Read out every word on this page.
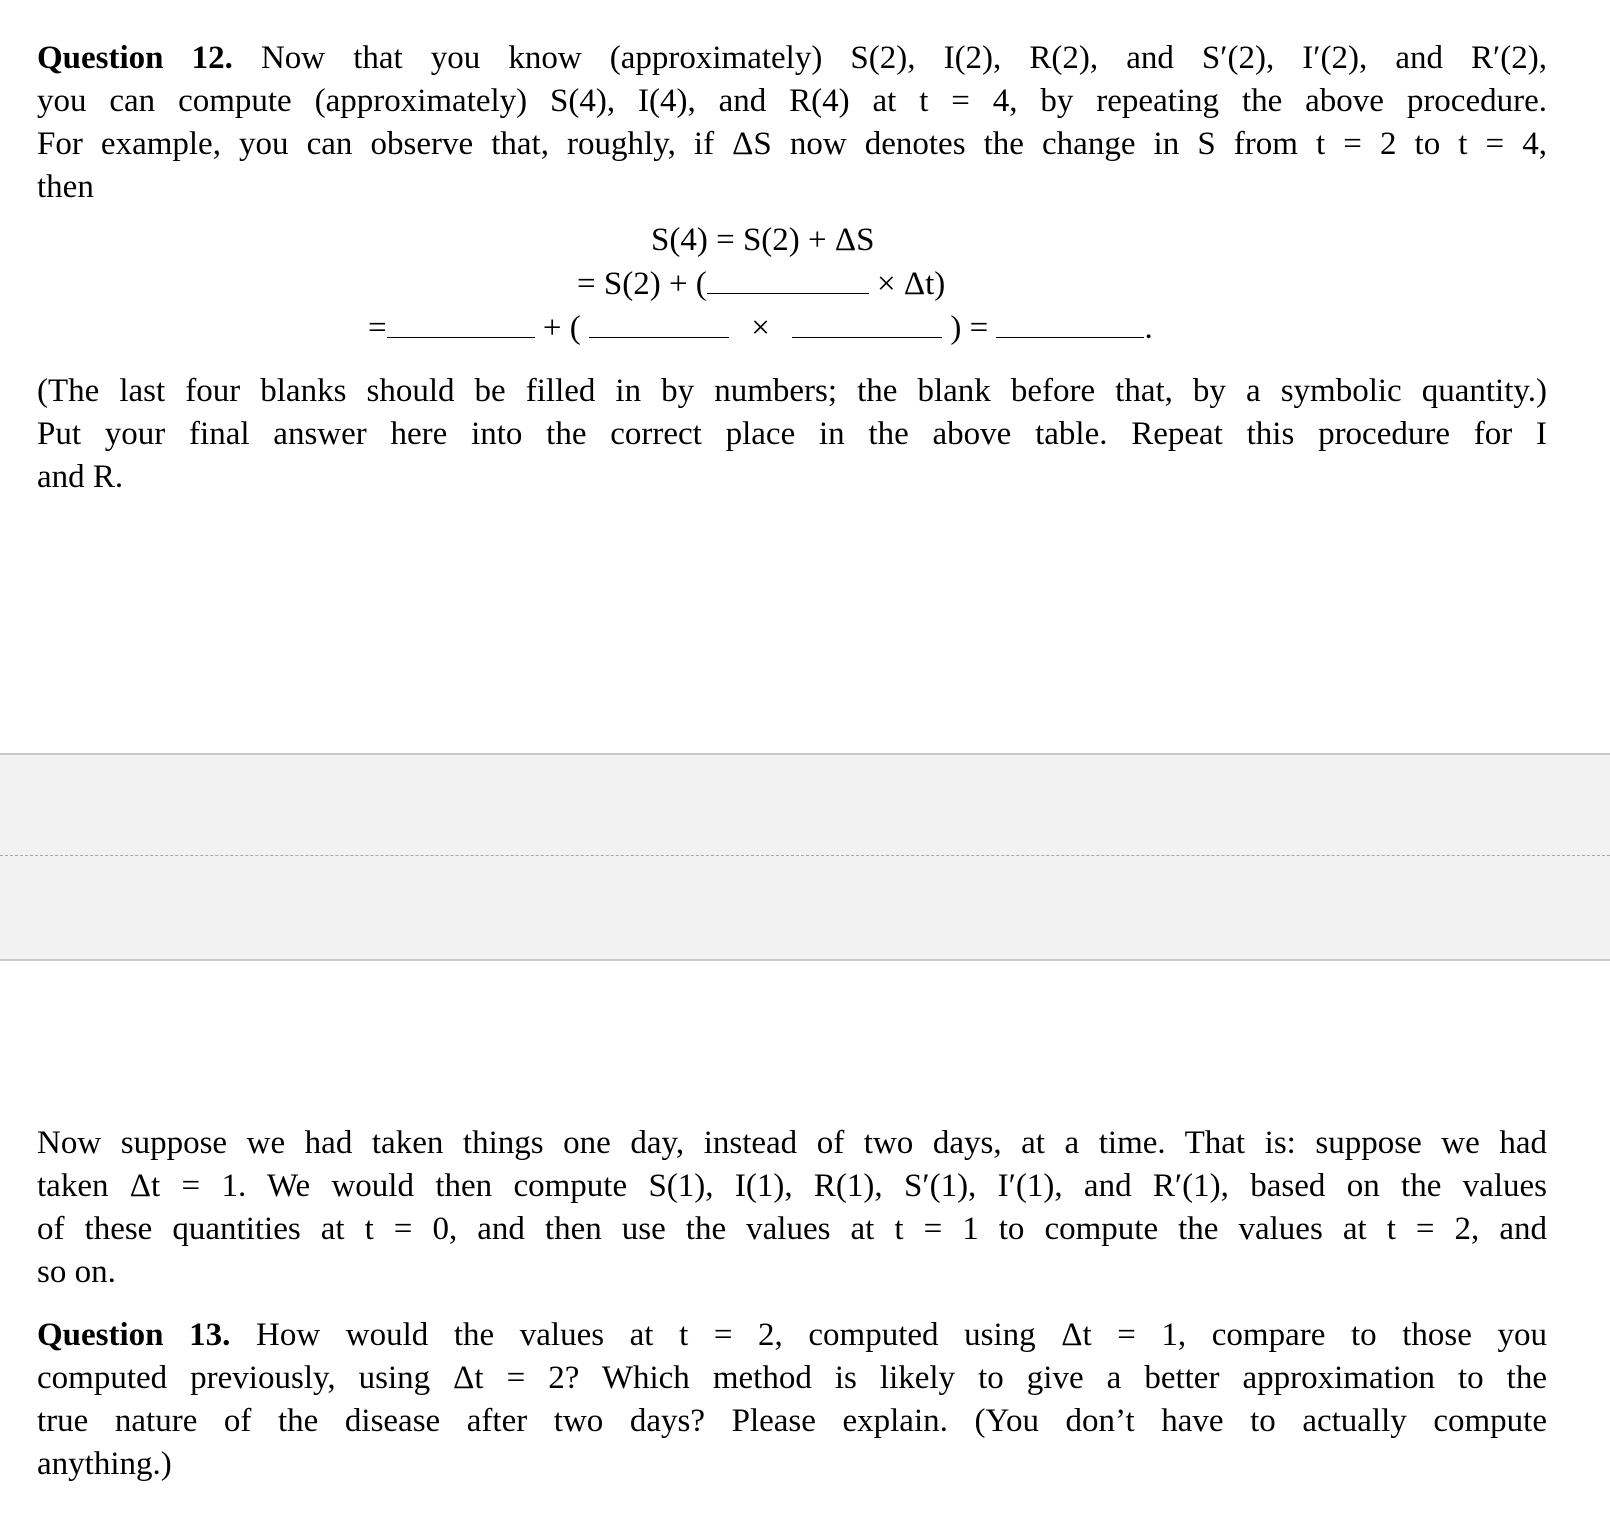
Question 12. Now that you know (approximately) S(2), I(2), R(2), and S′(2), I′(2), and R′(2),
you can compute (approximately) S(4), I(4), and R(4) at t = 4, by repeating the above procedure.
For example, you can observe that, roughly, if ΔS now denotes the change in S from t = 2 to t = 4,
then
S(4) = S(2) + ΔS
= S(2) + (	× Δt)
=	+ (	×	) =	.
(The last four blanks should be filled in by numbers; the blank before that, by a symbolic quantity.)
Put your final answer here into the correct place in the above table. Repeat this procedure for I
and R.
Now suppose we had taken things one day, instead of two days, at a time. That is: suppose we had
taken Δt = 1. We would then compute S(1), I(1), R(1), S′(1), I′(1), and R′(1), based on the values
of these quantities at t = 0, and then use the values at t = 1 to compute the values at t = 2, and
so on.
Question 13. How would the values at t = 2, computed using Δt = 1, compare to those you
computed previously, using Δt = 2? Which method is likely to give a better approximation to the
true nature of the disease after two days? Please explain. (You don’t have to actually compute
anything.)
